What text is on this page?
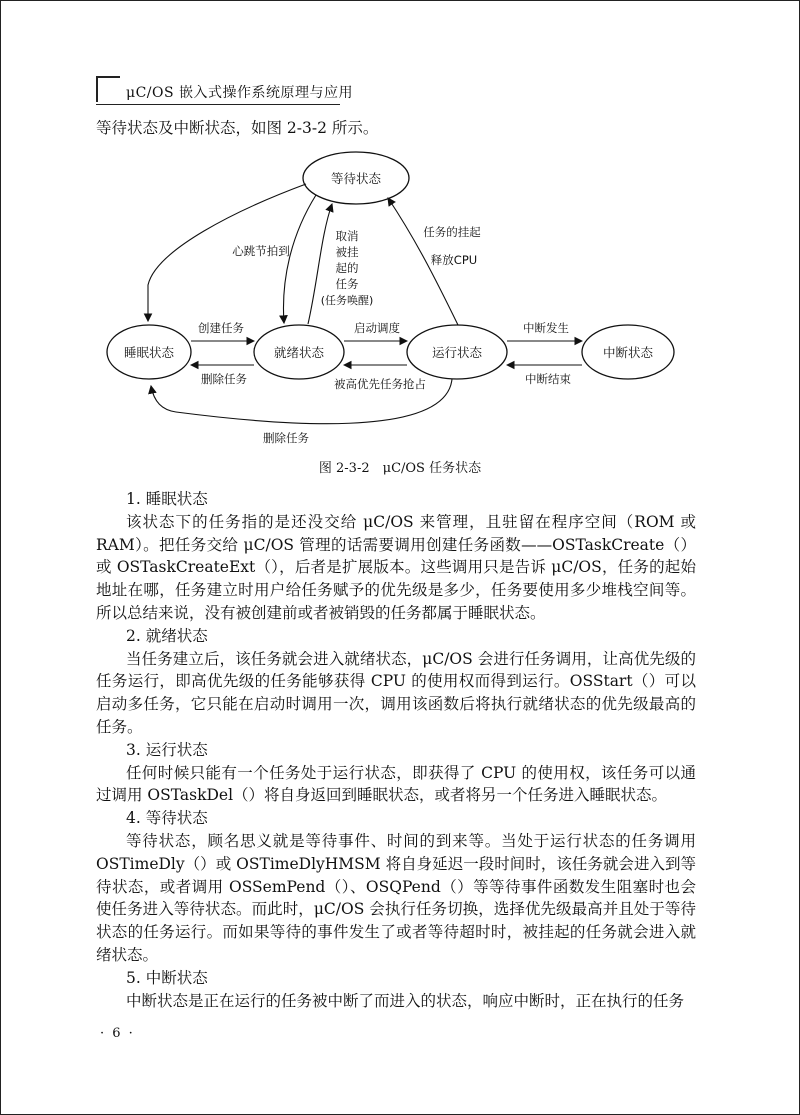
μC/OS 嵌入式操作系统原理与应用
等待状态及中断状态，如图 2-3-2 所示。
等待状态
睡眠状态	就绪状态	运行状态	中断状态
创建任务
删除任务
启动调度
被高优先任务抢占
中断发生
中断结束
删除任务
心跳节拍到
取消
被挂
起的
任务
(任务唤醒)
任务的挂起
释放CPU
图 2-3-2　μC/OS 任务状态

1. 睡眠状态

该状态下的任务指的是还没交给 μC/OS 来管理，且驻留在程序空间（ROM 或 RAM）。把任务交给 μC/OS 管理的话需要调用创建任务函数——OSTaskCreate（）或 OSTaskCreateExt（），后者是扩展版本。这些调用只是告诉 μC/OS，任务的起始地址在哪，任务建立时用户给任务赋予的优先级是多少，任务要使用多少堆栈空间等。所以总结来说，没有被创建前或者被销毁的任务都属于睡眠状态。

2. 就绪状态

当任务建立后，该任务就会进入就绪状态，μC/OS 会进行任务调用，让高优先级的任务运行，即高优先级的任务能够获得 CPU 的使用权而得到运行。OSStart（）可以启动多任务，它只能在启动时调用一次，调用该函数后将执行就绪状态的优先级最高的任务。

3. 运行状态

任何时候只能有一个任务处于运行状态，即获得了 CPU 的使用权，该任务可以通过调用 OSTaskDel（）将自身返回到睡眠状态，或者将另一个任务进入睡眠状态。

4. 等待状态

等待状态，顾名思义就是等待事件、时间的到来等。当处于运行状态的任务调用 OSTimeDly（）或 OSTimeDlyHMSM 将自身延迟一段时间时，该任务就会进入到等待状态，或者调用 OSSemPend（）、OSQPend（）等等待事件函数发生阻塞时也会使任务进入等待状态。而此时，μC/OS 会执行任务切换，选择优先级最高并且处于等待状态的任务运行。而如果等待的事件发生了或者等待超时时，被挂起的任务就会进入就绪状态。

5. 中断状态

中断状态是正在运行的任务被中断了而进入的状态，响应中断时，正在执行的任务

· 6 ·
